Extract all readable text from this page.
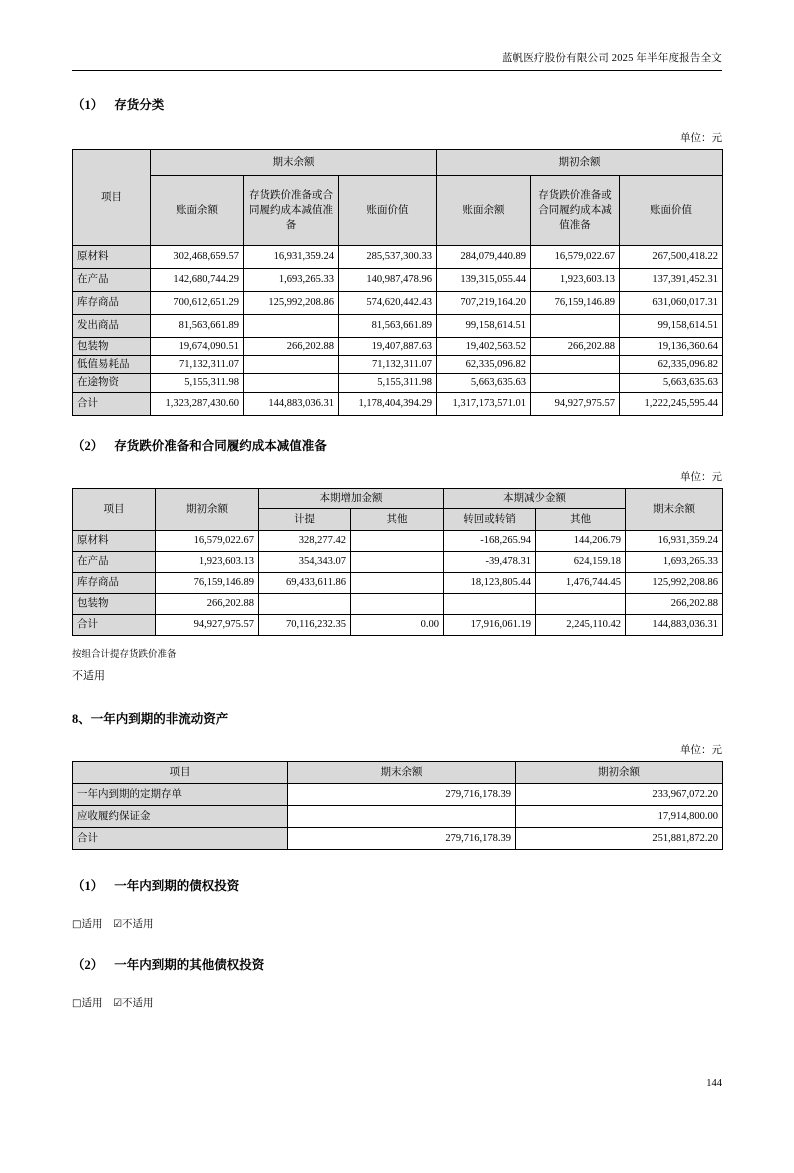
蓝帆医疗股份有限公司 2025 年半年度报告全文
（1） 存货分类
单位：元
项目	期末余额			期初余额		
	账面余额	存货跌价准备或合同履约成本减值准备	账面价值	账面余额	存货跌价准备或合同履约成本减值准备	账面价值
原材料	302,468,659.57	16,931,359.24	285,537,300.33	284,079,440.89	16,579,022.67	267,500,418.22
在产品	142,680,744.29	1,693,265.33	140,987,478.96	139,315,055.44	1,923,603.13	137,391,452.31
库存商品	700,612,651.29	125,992,208.86	574,620,442.43	707,219,164.20	76,159,146.89	631,060,017.31
发出商品	81,563,661.89		81,563,661.89	99,158,614.51		99,158,614.51
包装物	19,674,090.51	266,202.88	19,407,887.63	19,402,563.52	266,202.88	19,136,360.64
低值易耗品	71,132,311.07		71,132,311.07	62,335,096.82		62,335,096.82
在途物资	5,155,311.98		5,155,311.98	5,663,635.63		5,663,635.63
合计	1,323,287,430.60	144,883,036.31	1,178,404,394.29	1,317,173,571.01	94,927,975.57	1,222,245,595.44
（2） 存货跌价准备和合同履约成本减值准备
单位：元
项目	期初余额	本期增加金额		本期减少金额		期末余额
		计提	其他	转回或转销	其他	
原材料	16,579,022.67	328,277.42		-168,265.94	144,206.79	16,931,359.24
在产品	1,923,603.13	354,343.07		-39,478.31	624,159.18	1,693,265.33
库存商品	76,159,146.89	69,433,611.86		18,123,805.44	1,476,744.45	125,992,208.86
包装物	266,202.88					266,202.88
合计	94,927,975.57	70,116,232.35	0.00	17,916,061.19	2,245,110.42	144,883,036.31
按组合计提存货跌价准备
不适用
8、一年内到期的非流动资产
单位：元
项目	期末余额	期初余额
一年内到期的定期存单	279,716,178.39	233,967,072.20
应收履约保证金		17,914,800.00
合计	279,716,178.39	251,881,872.20
（1） 一年内到期的债权投资
□适用 ☑不适用
（2） 一年内到期的其他债权投资
□适用 ☑不适用
144
